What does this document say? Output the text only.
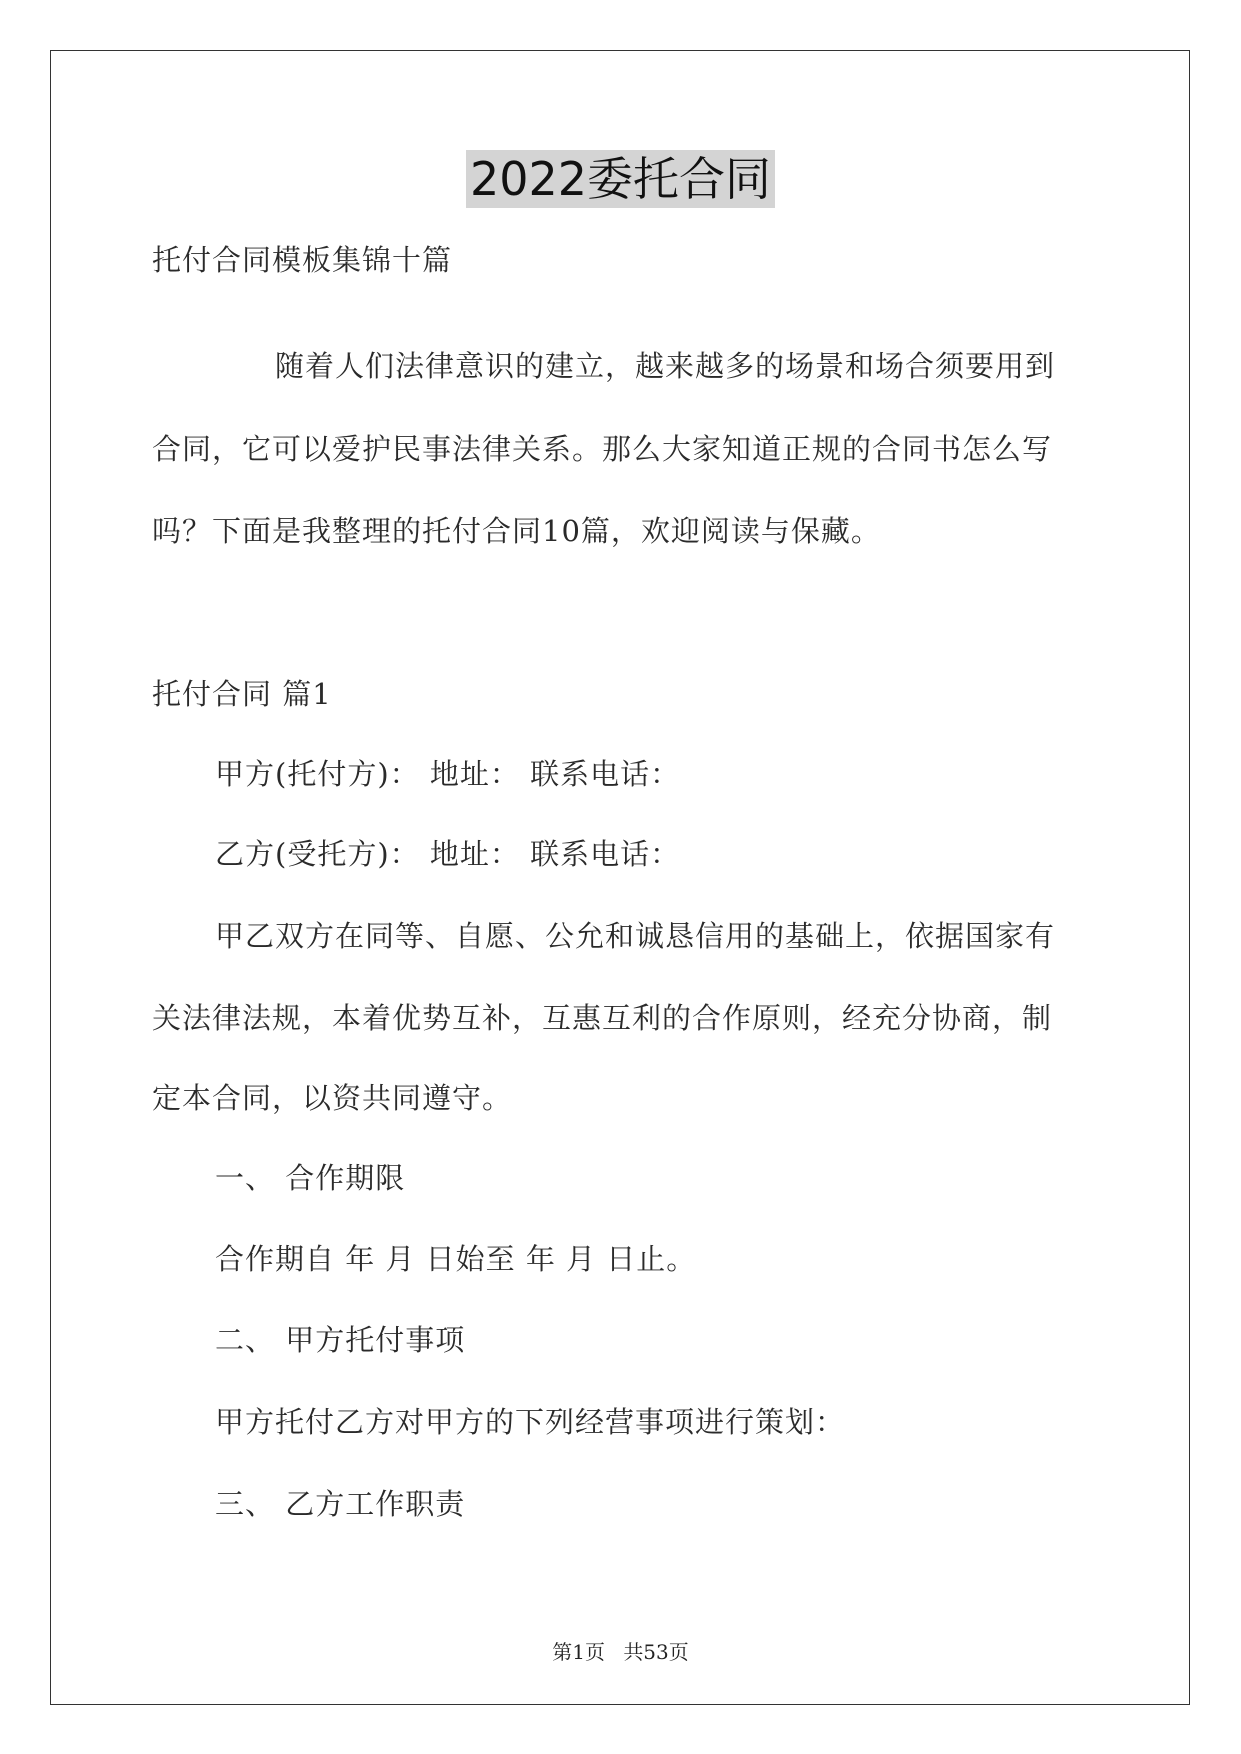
2022委托合同
托付合同模板集锦十篇
随着人们法律意识的建立，越来越多的场景和场合须要用到
合同，它可以爱护民事法律关系。那么大家知道正规的合同书怎么写
吗？下面是我整理的托付合同10篇，欢迎阅读与保藏。
托付合同 篇1
甲方(托付方)： 地址： 联系电话：
乙方(受托方)： 地址： 联系电话：
甲乙双方在同等、自愿、公允和诚恳信用的基础上，依据国家有
关法律法规，本着优势互补，互惠互利的合作原则，经充分协商，制
定本合同，以资共同遵守。
一、 合作期限
合作期自 年 月 日始至 年 月 日止。
二、 甲方托付事项
甲方托付乙方对甲方的下列经营事项进行策划：
三、 乙方工作职责
第1页 共53页
